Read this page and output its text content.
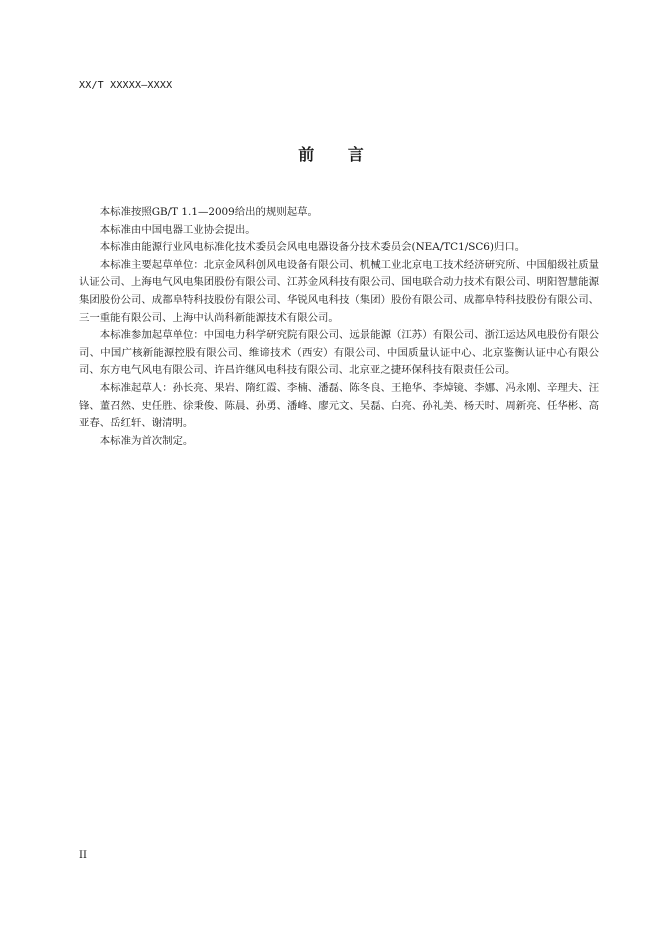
XX/T XXXXX—XXXX
前 言

本标准按照GB/T 1.1—2009给出的规则起草。

本标准由中国电器工业协会提出。

本标准由能源行业风电标准化技术委员会风电电器设备分技术委员会(NEA/TC1/SC6)归口。

本标准主要起草单位：北京金风科创风电设备有限公司、机械工业北京电工技术经济研究所、中国船级社质量认证公司、上海电气风电集团股份有限公司、江苏金风科技有限公司、国电联合动力技术有限公司、明阳智慧能源集团股份公司、成都阜特科技股份有限公司、华锐风电科技（集团）股份有限公司、成都阜特科技股份有限公司、三一重能有限公司、上海中认尚科新能源技术有限公司。

本标准参加起草单位：中国电力科学研究院有限公司、远景能源（江苏）有限公司、浙江运达风电股份有限公司、中国广核新能源控股有限公司、维谛技术（西安）有限公司、中国质量认证中心、北京鉴衡认证中心有限公司、东方电气风电有限公司、许昌许继风电科技有限公司、北京亚之捷环保科技有限责任公司。

本标准起草人：孙长亮、果岩、隋红霞、李楠、潘磊、陈冬良、王艳华、李焯镜、李娜、冯永刚、辛理夫、汪锋、董召然、史任胜、徐秉俊、陈晨、孙勇、潘峰、廖元文、吴磊、白亮、孙礼美、杨天时、周新亮、任华彬、高亚春、岳红轩、谢清明。

本标准为首次制定。

II
